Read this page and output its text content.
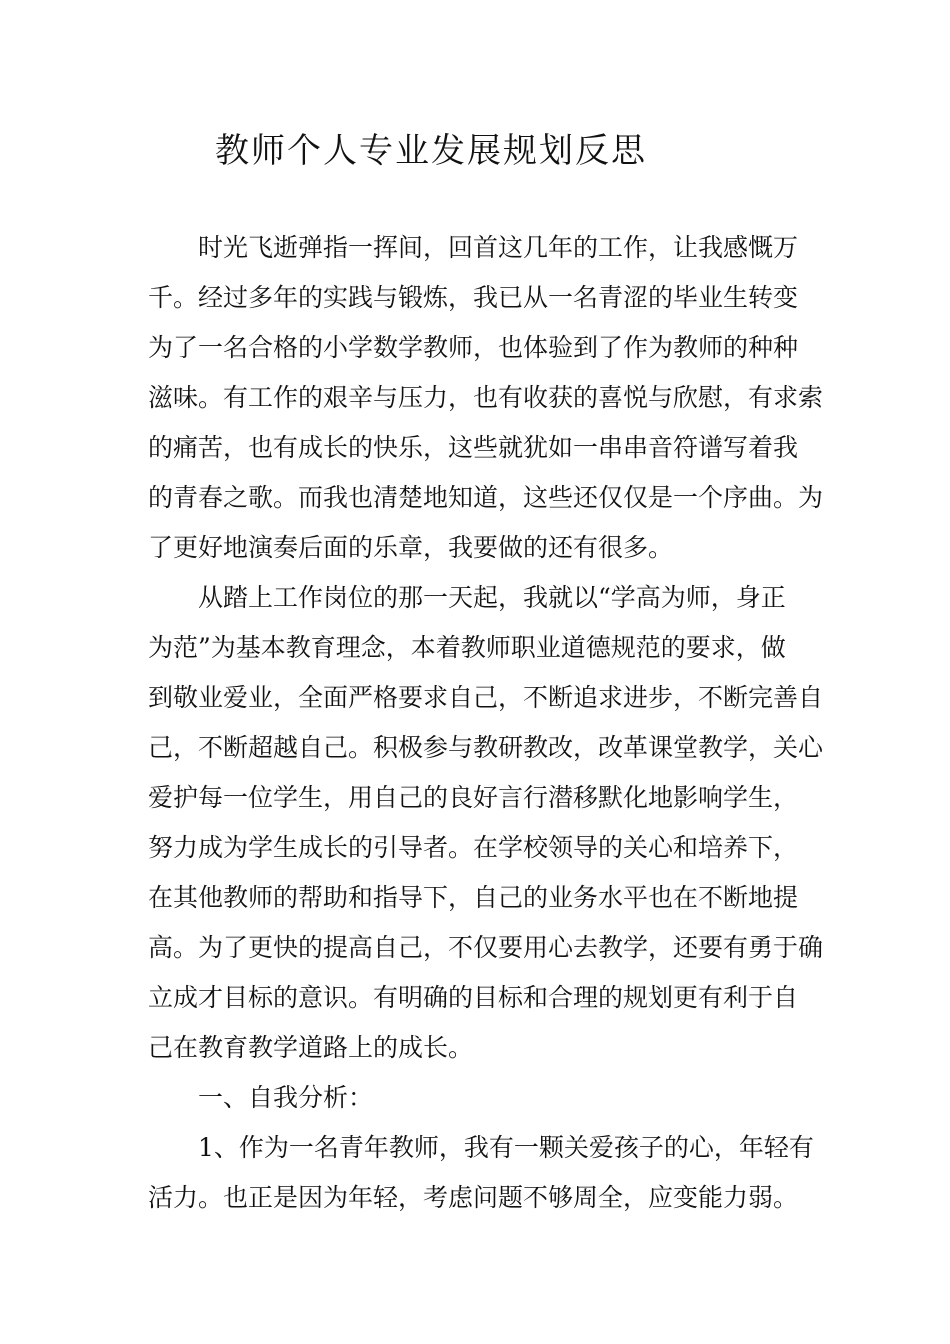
教师个人专业发展规划反思

时光飞逝弹指一挥间，回首这几年的工作，让我感慨万

千。经过多年的实践与锻炼，我已从一名青涩的毕业生转变

为了一名合格的小学数学教师，也体验到了作为教师的种种

滋味。有工作的艰辛与压力，也有收获的喜悦与欣慰，有求索

的痛苦，也有成长的快乐，这些就犹如一串串音符谱写着我

的青春之歌。而我也清楚地知道，这些还仅仅是一个序曲。为

了更好地演奏后面的乐章，我要做的还有很多。

从踏上工作岗位的那一天起，我就以“学高为师，身正

为范”为基本教育理念，本着教师职业道德规范的要求，做

到敬业爱业，全面严格要求自己，不断追求进步，不断完善自

己，不断超越自己。积极参与教研教改，改革课堂教学，关心

爱护每一位学生，用自己的良好言行潜移默化地影响学生，

努力成为学生成长的引导者。在学校领导的关心和培养下，

在其他教师的帮助和指导下，自己的业务水平也在不断地提

高。为了更快的提高自己，不仅要用心去教学，还要有勇于确

立成才目标的意识。有明确的目标和合理的规划更有利于自

己在教育教学道路上的成长。

一、自我分析：

1、作为一名青年教师，我有一颗关爱孩子的心，年轻有

活力。也正是因为年轻，考虑问题不够周全，应变能力弱。
